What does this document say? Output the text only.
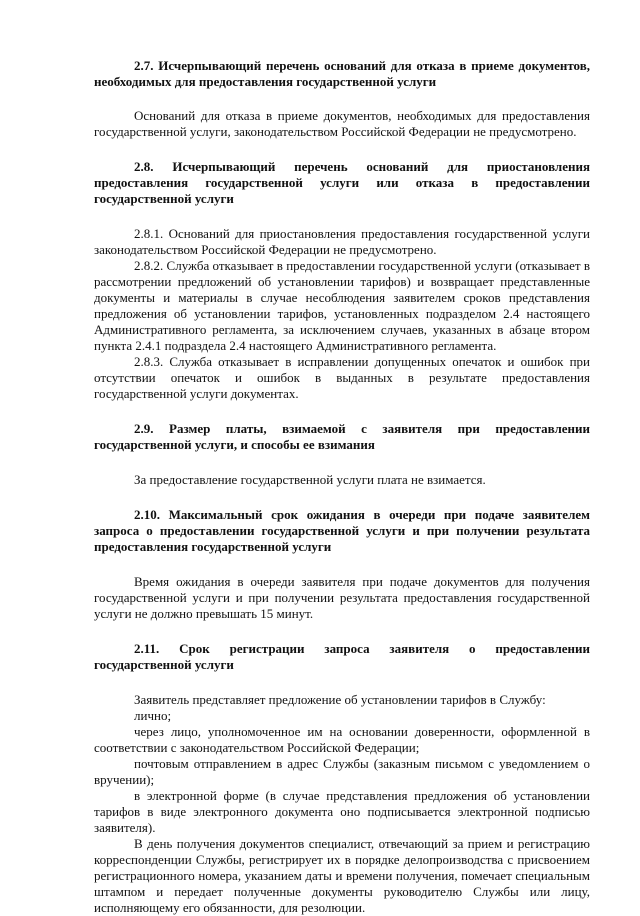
2.7. Исчерпывающий перечень оснований для отказа в приеме документов, необходимых для предоставления государственной услуги

Оснований для отказа в приеме документов, необходимых для предоставления государственной услуги, законодательством Российской Федерации не предусмотрено.

2.8. Исчерпывающий перечень оснований для приостановления предоставления государственной услуги или отказа в предоставлении государственной услуги

2.8.1. Оснований для приостановления предоставления государственной услуги законодательством Российской Федерации не предусмотрено.

2.8.2. Служба отказывает в предоставлении государственной услуги (отказывает в рассмотрении предложений об установлении тарифов) и возвращает представленные документы и материалы в случае несоблюдения заявителем сроков представления предложения об установлении тарифов, установленных подразделом 2.4 настоящего Административного регламента, за исключением случаев, указанных в абзаце втором пункта 2.4.1 подраздела 2.4 настоящего Административного регламента.

2.8.3. Служба отказывает в исправлении допущенных опечаток и ошибок при отсутствии опечаток и ошибок в выданных в результате предоставления государственной услуги документах.

2.9. Размер платы, взимаемой с заявителя при предоставлении государственной услуги, и способы ее взимания

За предоставление государственной услуги плата не взимается.

2.10. Максимальный срок ожидания в очереди при подаче заявителем запроса о предоставлении государственной услуги и при получении результата предоставления государственной услуги

Время ожидания в очереди заявителя при подаче документов для получения государственной услуги и при получении результата предоставления государственной услуги не должно превышать 15 минут.

2.11. Срок регистрации запроса заявителя о предоставлении государственной услуги

Заявитель представляет предложение об установлении тарифов в Службу:

лично;

через лицо, уполномоченное им на основании доверенности, оформленной в соответствии с законодательством Российской Федерации;

почтовым отправлением в адрес Службы (заказным письмом с уведомлением о вручении);

в электронной форме (в случае представления предложения об установлении тарифов в виде электронного документа оно подписывается электронной подписью заявителя).

В день получения документов специалист, отвечающий за прием и регистрацию корреспонденции Службы, регистрирует их в порядке делопроизводства с присвоением регистрационного номера, указанием даты и времени получения, помечает специальным штампом и передает полученные документы руководителю Службы или лицу, исполняющему его обязанности, для резолюции.
